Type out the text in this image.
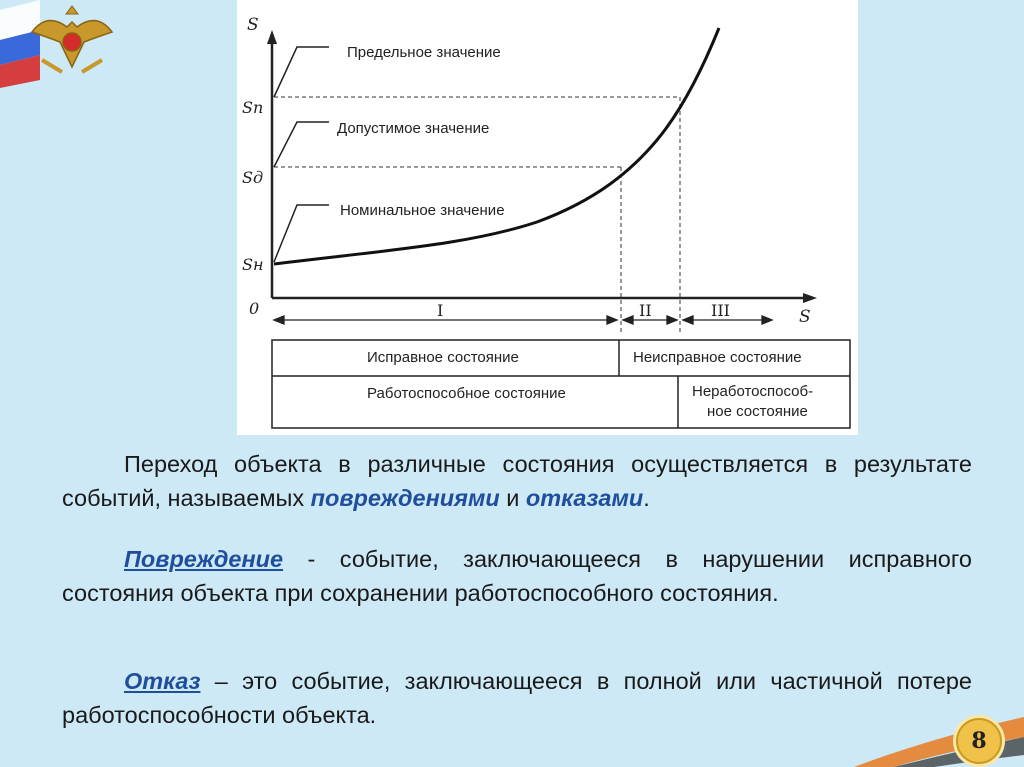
S
0	S
Sп
Sд
Sн
Предельное значение
Допустимое значение
Номинальное значение
I	II	III
Исправное состояние	Неисправное состояние
Работоспособное состояние	Неработоспособ-
ное состояние

Переход объекта в различные состояния осуществляется в результате событий, называемых повреждениями и отказами.

Повреждение - событие, заключающееся в нарушении исправного состояния объекта при сохранении работоспособного состояния.

Отказ – это событие, заключающееся в полной или частичной потере работоспособности объекта.

8
